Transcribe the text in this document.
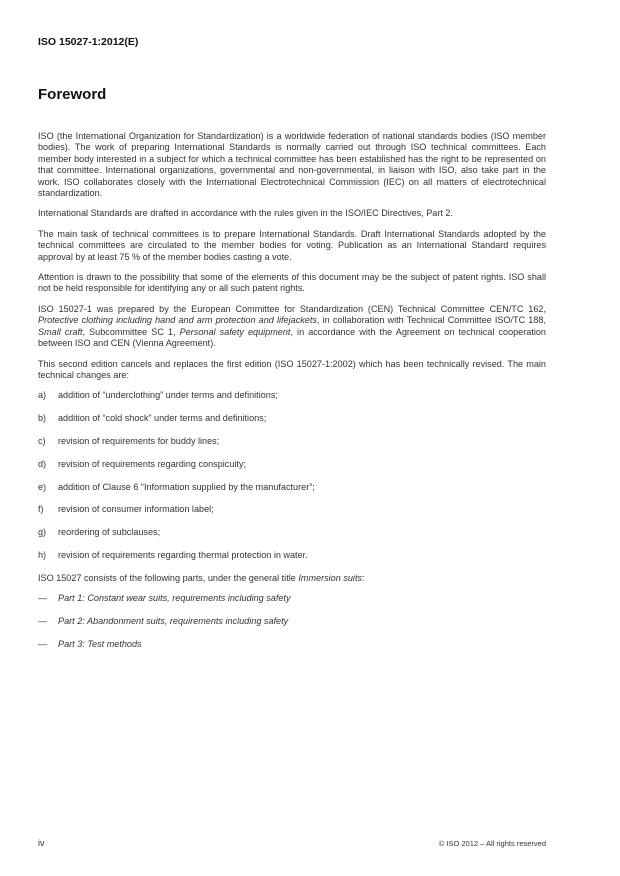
ISO 15027-1:2012(E)
Foreword

ISO (the International Organization for Standardization) is a worldwide federation of national standards bodies (ISO member bodies). The work of preparing International Standards is normally carried out through ISO technical committees. Each member body interested in a subject for which a technical committee has been established has the right to be represented on that committee. International organizations, governmental and non-governmental, in liaison with ISO, also take part in the work. ISO collaborates closely with the International Electrotechnical Commission (IEC) on all matters of electrotechnical standardization.

International Standards are drafted in accordance with the rules given in the ISO/IEC Directives, Part 2.

The main task of technical committees is to prepare International Standards. Draft International Standards adopted by the technical committees are circulated to the member bodies for voting. Publication as an International Standard requires approval by at least 75 % of the member bodies casting a vote.

Attention is drawn to the possibility that some of the elements of this document may be the subject of patent rights. ISO shall not be held responsible for identifying any or all such patent rights.

ISO 15027-1 was prepared by the European Committee for Standardization (CEN) Technical Committee CEN/TC 162, Protective clothing including hand and arm protection and lifejackets, in collaboration with Technical Committee ISO/TC 188, Small craft, Subcommittee SC 1, Personal safety equipment, in accordance with the Agreement on technical cooperation between ISO and CEN (Vienna Agreement).

This second edition cancels and replaces the first edition (ISO 15027-1:2002) which has been technically revised. The main technical changes are:

a)	addition of “underclothing” under terms and definitions;
b)	addition of “cold shock” under terms and definitions;
c)	revision of requirements for buddy lines;
d)	revision of requirements regarding conspicuity;
e)	addition of Clause 6 “Information supplied by the manufacturer”;
f)	revision of consumer information label;
g)	reordering of subclauses;
h)	revision of requirements regarding thermal protection in water.

ISO 15027 consists of the following parts, under the general title Immersion suits:

—	Part 1: Constant wear suits, requirements including safety
—	Part 2: Abandonment suits, requirements including safety
—	Part 3: Test methods
iv	© ISO 2012 – All rights reserved
